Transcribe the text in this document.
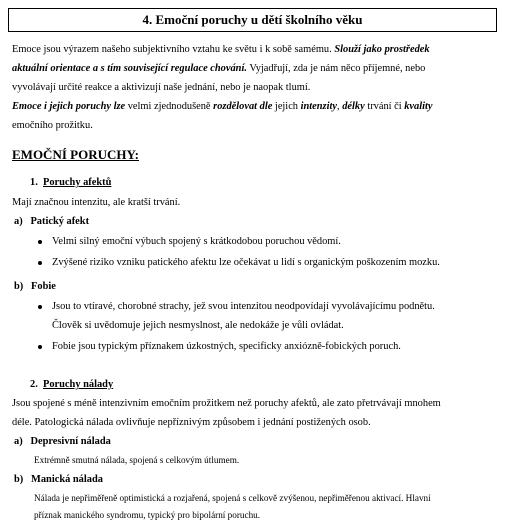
4. Emoční poruchy u dětí školního věku
Emoce jsou výrazem našeho subjektivního vztahu ke světu i k sobě samému. Slouží jako prostředek
aktuální orientace a s tím související regulace chování. Vyjadřují, zda je nám něco příjemné, nebo
vyvolávají určité reakce a aktivizují naše jednání, nebo je naopak tlumí.
Emoce i jejich poruchy lze velmi zjednodušeně rozdělovat dle jejich intenzity, délky trvání či kvality
emočního prožitku.
EMOČNÍ PORUCHY:
1. Poruchy afektů
Mají značnou intenzitu, ale kratší trvání.
a) Patický afekt
Velmi silný emoční výbuch spojený s krátkodobou poruchou vědomí.
Zvýšené riziko vzniku patického afektu lze očekávat u lidí s organickým poškozením mozku.
b) Fobie
Jsou to vtíravé, chorobné strachy, jež svou intenzitou neodpovídají vyvolávajícímu podnětu.
Člověk si uvědomuje jejich nesmyslnost, ale nedokáže je vůli ovládat.
Fobie jsou typickým příznakem úzkostných, specificky anxiózně-fobických poruch.
2. Poruchy nálady
Jsou spojené s méně intenzivním emočním prožitkem než poruchy afektů, ale zato přetrvávají mnohem
déle. Patologická nálada ovlivňuje nepříznivým způsobem i jednání postižených osob.
a) Depresivní nálada
Extrémně smutná nálada, spojená s celkovým útlumem.
b) Manická nálada
Nálada je nepřiměřeně optimistická a rozjařená, spojená s celkově zvýšenou, nepřiměřenou aktivací. Hlavní
příznak manického syndromu, typický pro bipolární poruchu.
